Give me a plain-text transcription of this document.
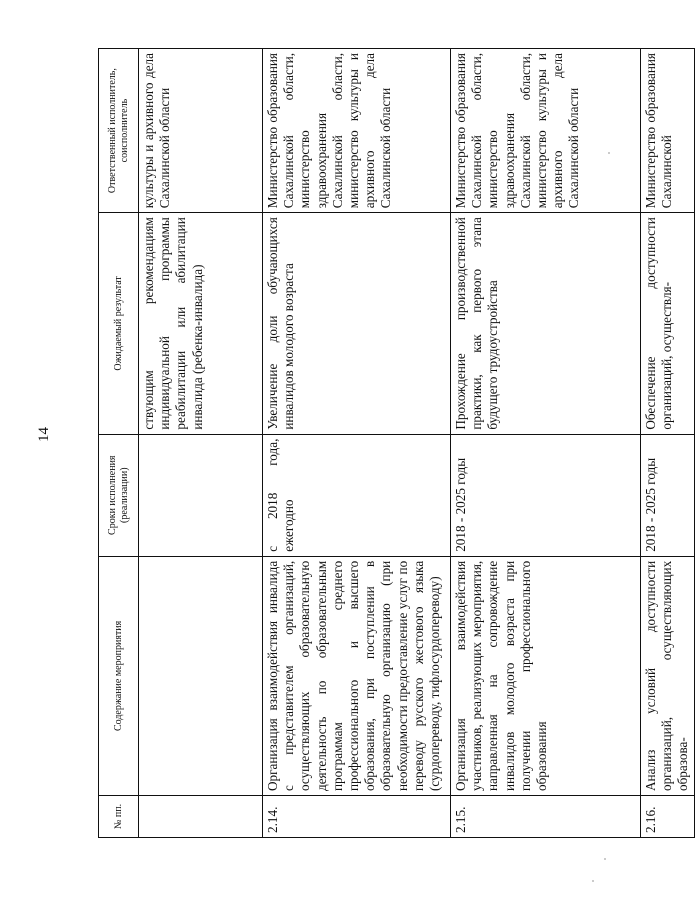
14
№ пп.	Содержание мероприятия	Сроки исполнения (реализации)	Ожидаемый результат	Ответственный исполнитель, соисполнитель
			ствующим рекомендациям индивидуальной программы реабилитации или абилитации инвалида (ребенка-инвалида)	культуры и архивного дела Сахалинской области
2.14.	Организация взаимодействия инвалида с представителем организаций, осуществляющих образовательную деятельность по образовательным программам среднего профессионального и высшего образования, при поступлении в образовательную организацию (при необходимости предоставление услуг по переводу русского жестового языка (сурдопереводу, тифлосурдопереводу)	с 2018 года, ежегодно	Увеличение доли обучающихся инвалидов молодого возраста	Министерство образования Сахалинской области, министерство здравоохранения Сахалинской области, министерство культуры и архивного дела Сахалинской области
2.15.	Организация взаимодействия участников, реализующих мероприятия, направленная на сопровождение инвалидов молодого возраста при получении профессионального образования	2018 - 2025 годы	Прохождение производственной практики, как первого этапа будущего трудоустройства	Министерство образования Сахалинской области, министерство здравоохранения Сахалинской области, министерство культуры и архивного дела Сахалинской области
2.16.	Анализ условий доступности организаций, осуществляющих образова-	2018 - 2025 годы	Обеспечение доступности организаций, осуществля-	Министерство образования Сахалинской
